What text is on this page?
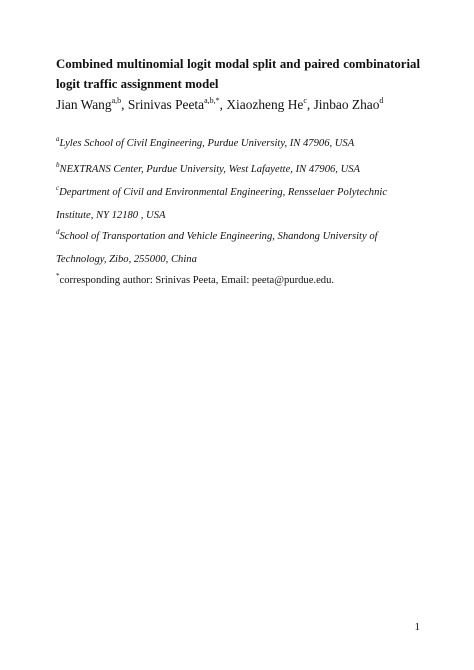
Combined multinomial logit modal split and paired combinatorial logit traffic assignment model
Jian Wang$^{a,b}$, Srinivas Peeta$^{a,b,*}$, Xiaozheng He$^c$, Jinbao Zhao$^d$
$^a$Lyles School of Civil Engineering, Purdue University, IN 47906, USA
$^b$NEXTRANS Center, Purdue University, West Lafayette, IN 47906, USA
$^c$Department of Civil and Environmental Engineering, Rensselaer Polytechnic Institute, NY 12180 , USA
$^d$School of Transportation and Vehicle Engineering, Shandong University of Technology, Zibo, 255000, China
*corresponding author: Srinivas Peeta, Email: peeta@purdue.edu.
1
